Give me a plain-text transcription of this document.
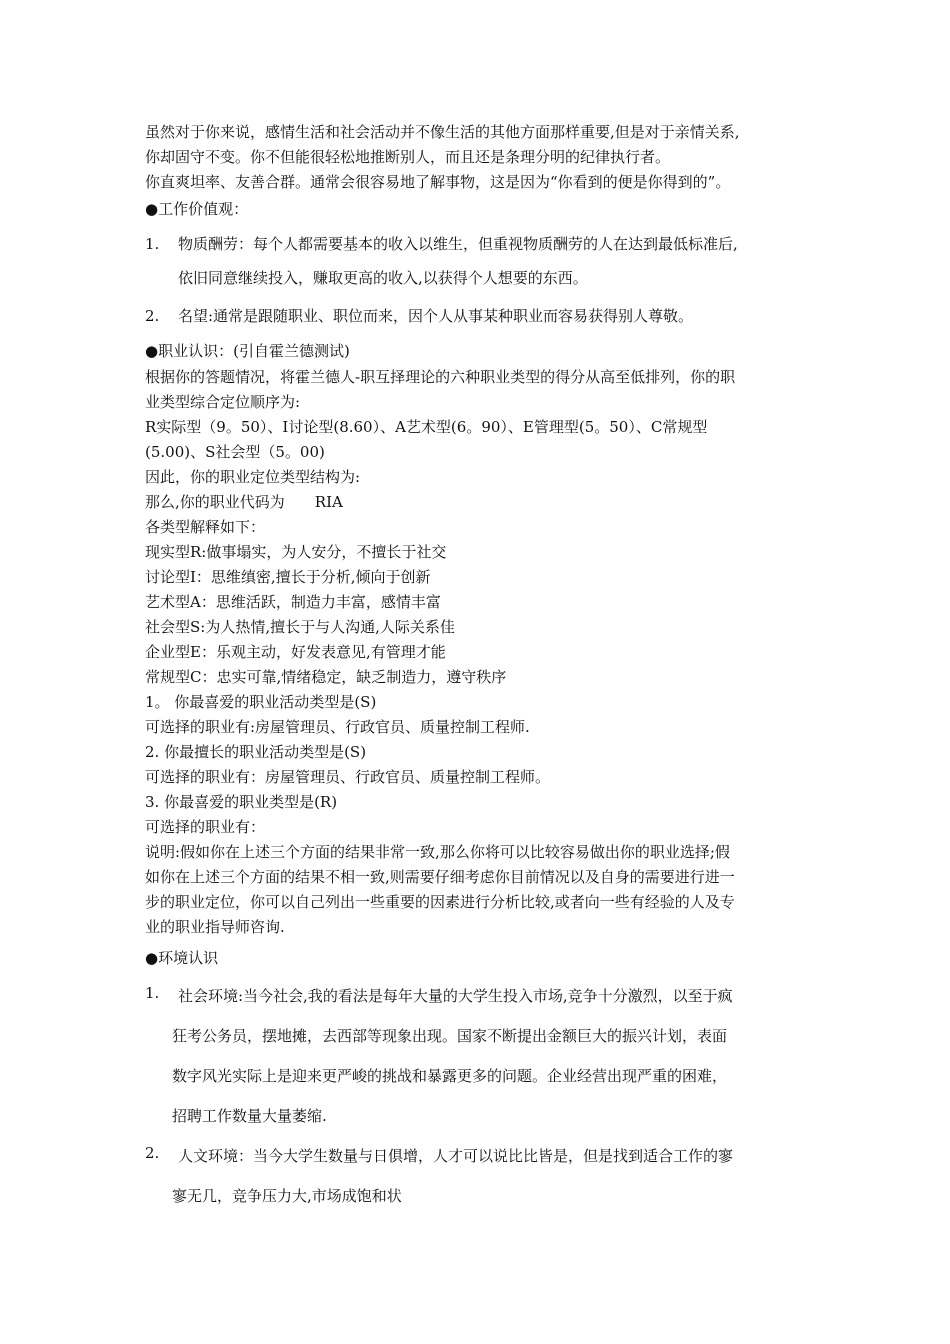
虽然对于你来说，感情生活和社会活动并不像生活的其他方面那样重要,但是对于亲情关系,
你却固守不变。你不但能很轻松地推断别人，而且还是条理分明的纪律执行者。
你直爽坦率、友善合群。通常会很容易地了解事物，这是因为“你看到的便是你得到的”。
●工作价值观：
1.	物质酬劳：每个人都需要基本的收入以维生，但重视物质酬劳的人在达到最低标准后,
依旧同意继续投入，赚取更高的收入,以获得个人想要的东西。
2.	名望:通常是跟随职业、职位而来，因个人从事某种职业而容易获得别人尊敬。
●职业认识：(引自霍兰德测试)
根据你的答题情况，将霍兰德人-职互择理论的六种职业类型的得分从高至低排列，你的职
业类型综合定位顺序为:
R实际型（9。50）、I讨论型(8.60）、A艺术型(6。90）、E管理型(5。50）、C常规型
(5.00)、S社会型（5。00)
因此，你的职业定位类型结构为:
那么,你的职业代码为　　RIA
各类型解释如下：
现实型R:做事塌实，为人安分，不擅长于社交
讨论型I：思维缜密,擅长于分析,倾向于创新
艺术型A：思维活跃，制造力丰富，感情丰富
社会型S:为人热情,擅长于与人沟通,人际关系佳
企业型E：乐观主动，好发表意见,有管理才能
常规型C：忠实可靠,情绪稳定，缺乏制造力，遵守秩序
1。 你最喜爱的职业活动类型是(S)
可选择的职业有:房屋管理员、行政官员、质量控制工程师.
2. 你最擅长的职业活动类型是(S)
可选择的职业有：房屋管理员、行政官员、质量控制工程师。
3. 你最喜爱的职业类型是(R)
可选择的职业有：
说明:假如你在上述三个方面的结果非常一致,那么你将可以比较容易做出你的职业选择;假
如你在上述三个方面的结果不相一致,则需要仔细考虑你目前情况以及自身的需要进行进一
步的职业定位，你可以自己列出一些重要的因素进行分析比较,或者向一些有经验的人及专
业的职业指导师咨询.
●环境认识
1.	社会环境:当今社会,我的看法是每年大量的大学生投入市场,竞争十分激烈，以至于疯
狂考公务员，摆地摊，去西部等现象出现。国家不断提出金额巨大的振兴计划，表面
数字风光实际上是迎来更严峻的挑战和暴露更多的问题。企业经营出现严重的困难，
招聘工作数量大量萎缩.
2.	人文环境：当今大学生数量与日俱增，人才可以说比比皆是，但是找到适合工作的寥
寥无几，竞争压力大,市场成饱和状
